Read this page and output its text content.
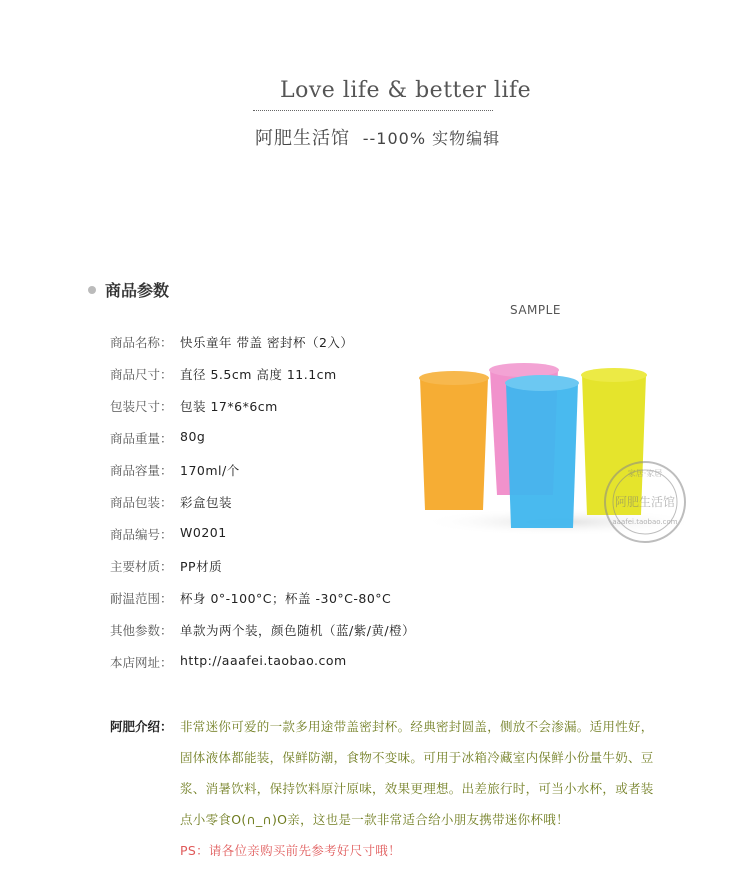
Love life & better life
阿肥生活馆 --100% 实物编辑
商品参数
商品名称： 快乐童年 带盖 密封杯（2入）
商品尺寸： 直径 5.5cm 高度 11.1cm
包装尺寸： 包装 17*6*6cm
商品重量： 80g
商品容量： 170ml/个
商品包装： 彩盒包装
商品编号： W0201
主要材质： PP材质
耐温范围： 杯身 0°-100°C；杯盖 -30°C-80°C
其他参数： 单款为两个装，颜色随机（蓝/紫/黄/橙）
本店网址： http://aaafei.taobao.com
SAMPLE
家居·家居
阿肥生活馆
aaafei.taobao.com
阿肥介绍： 非常迷你可爱的一款多用途带盖密封杯。经典密封圆盖，侧放不会渗漏。适用性好，
固体液体都能装，保鲜防潮，食物不变味。可用于冰箱冷藏室内保鲜小份量牛奶、豆
浆、消暑饮料，保持饮料原汁原味，效果更理想。出差旅行时，可当小水杯，或者装
点小零食O(∩_∩)O亲，这也是一款非常适合给小朋友携带迷你杯哦！
PS：请各位亲购买前先参考好尺寸哦！
